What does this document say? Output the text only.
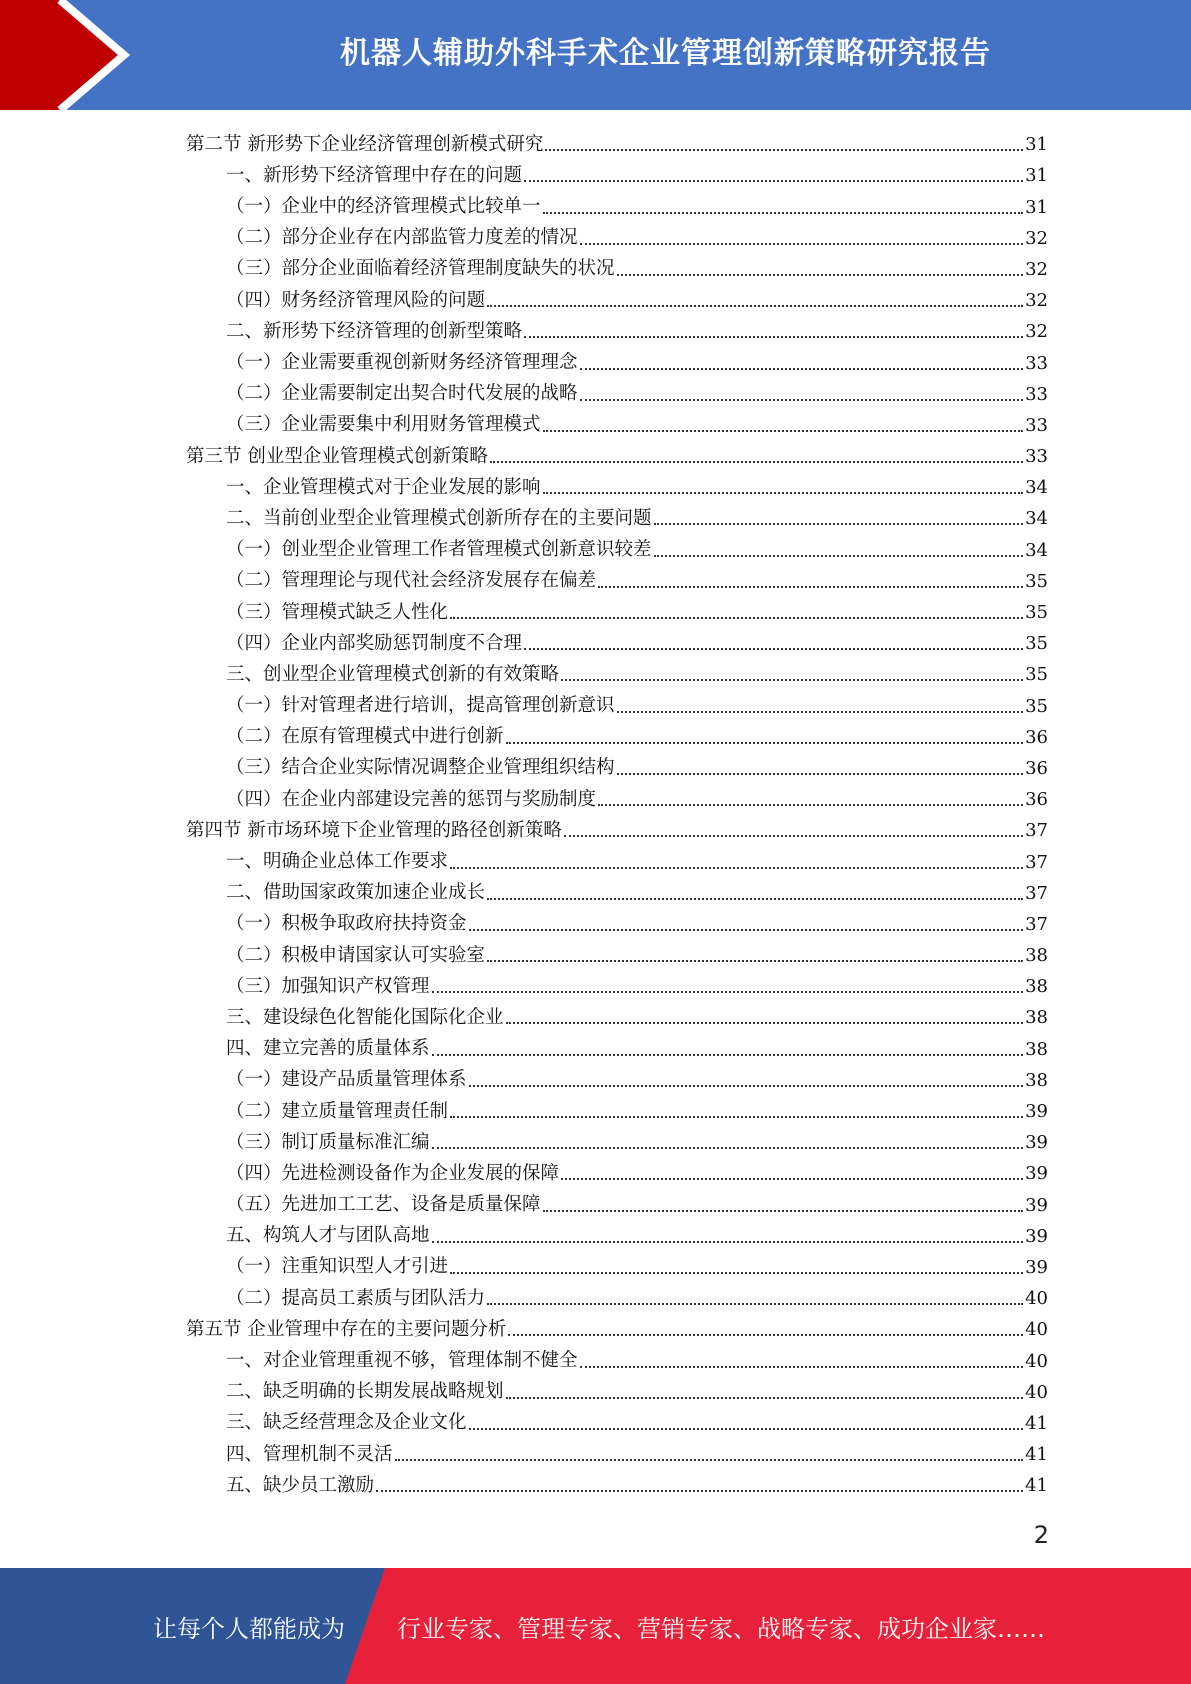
机器人辅助外科手术企业管理创新策略研究报告
第二节 新形势下企业经济管理创新模式研究	31
一、新形势下经济管理中存在的问题	31
（一）企业中的经济管理模式比较单一	31
（二）部分企业存在内部监管力度差的情况	32
（三）部分企业面临着经济管理制度缺失的状况	32
（四）财务经济管理风险的问题	32
二、新形势下经济管理的创新型策略	32
（一）企业需要重视创新财务经济管理理念	33
（二）企业需要制定出契合时代发展的战略	33
（三）企业需要集中利用财务管理模式	33
第三节 创业型企业管理模式创新策略	33
一、企业管理模式对于企业发展的影响	34
二、当前创业型企业管理模式创新所存在的主要问题	34
（一）创业型企业管理工作者管理模式创新意识较差	34
（二）管理理论与现代社会经济发展存在偏差	35
（三）管理模式缺乏人性化	35
（四）企业内部奖励惩罚制度不合理	35
三、创业型企业管理模式创新的有效策略	35
（一）针对管理者进行培训，提高管理创新意识	35
（二）在原有管理模式中进行创新	36
（三）结合企业实际情况调整企业管理组织结构	36
（四）在企业内部建设完善的惩罚与奖励制度	36
第四节 新市场环境下企业管理的路径创新策略	37
一、明确企业总体工作要求	37
二、借助国家政策加速企业成长	37
（一）积极争取政府扶持资金	37
（二）积极申请国家认可实验室	38
（三）加强知识产权管理	38
三、建设绿色化智能化国际化企业	38
四、建立完善的质量体系	38
（一）建设产品质量管理体系	38
（二）建立质量管理责任制	39
（三）制订质量标准汇编	39
（四）先进检测设备作为企业发展的保障	39
（五）先进加工工艺、设备是质量保障	39
五、构筑人才与团队高地	39
（一）注重知识型人才引进	39
（二）提高员工素质与团队活力	40
第五节 企业管理中存在的主要问题分析	40
一、对企业管理重视不够，管理体制不健全	40
二、缺乏明确的长期发展战略规划	40
三、缺乏经营理念及企业文化	41
四、管理机制不灵活	41
五、缺少员工激励	41
2
让每个人都能成为 行业专家、管理专家、营销专家、战略专家、成功企业家……
